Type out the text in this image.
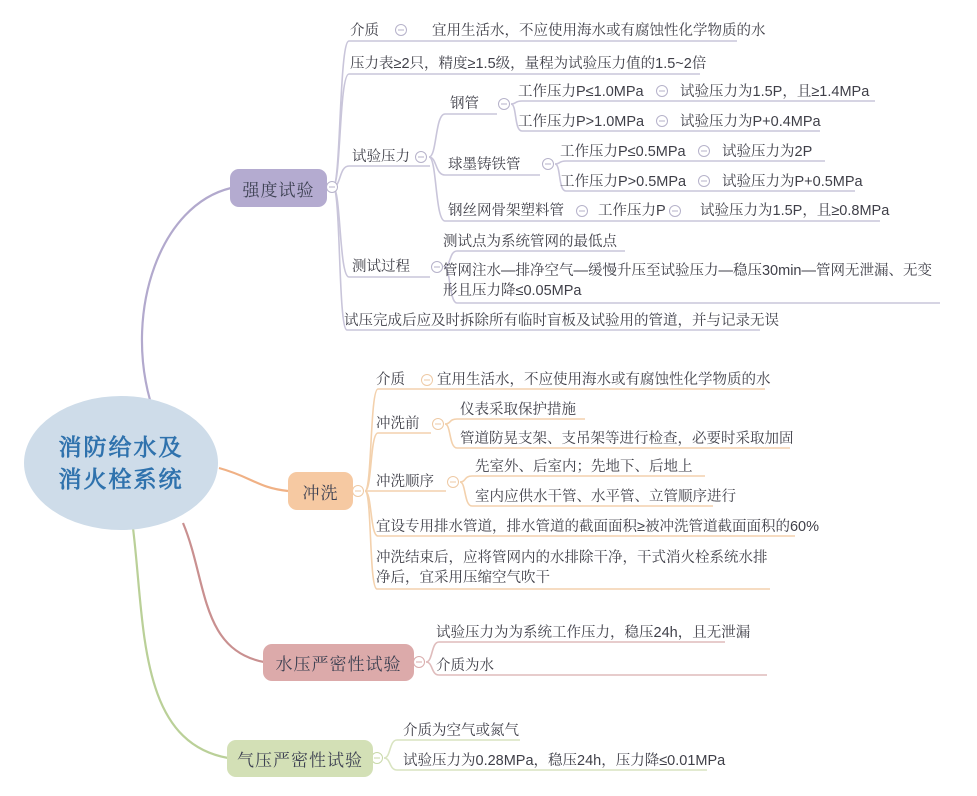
消防给水及
消火栓系统
强度试验
冲洗
水压严密性试验
气压严密性试验
介质	宜用生活水，不应使用海水或有腐蚀性化学物质的水
压力表≥2只，精度≥1.5级，量程为试验压力值的1.5~2倍
试验压力
钢管
工作压力P≤1.0MPa	试验压力为1.5P，且≥1.4MPa
工作压力P>1.0MPa 试验压力为P+0.4MPa
球墨铸铁管
工作压力P≤0.5MPa	试验压力为2P
工作压力P>0.5MPa 试验压力为P+0.5MPa
钢丝网骨架塑料管 工作压力P 试验压力为1.5P，且≥0.8MPa
测试过程
测试点为系统管网的最低点
管网注水—排净空气—缓慢升压至试验压力—稳压30min—管网无泄漏、无变形且压力降≤0.05MPa
试压完成后应及时拆除所有临时盲板及试验用的管道，并与记录无误
介质 宜用生活水，不应使用海水或有腐蚀性化学物质的水
冲洗前
仪表采取保护措施
管道防晃支架、支吊架等进行检查，必要时采取加固
冲洗顺序
先室外、后室内；先地下、后地上
室内应供水干管、水平管、立管顺序进行
宜设专用排水管道，排水管道的截面面积≥被冲洗管道截面面积的60%
冲洗结束后，应将管网内的水排除干净，干式消火栓系统水排净后，宜采用压缩空气吹干
试验压力为为系统工作压力，稳压24h，且无泄漏
介质为水
介质为空气或氮气
试验压力为0.28MPa，稳压24h，压力降≤0.01MPa
